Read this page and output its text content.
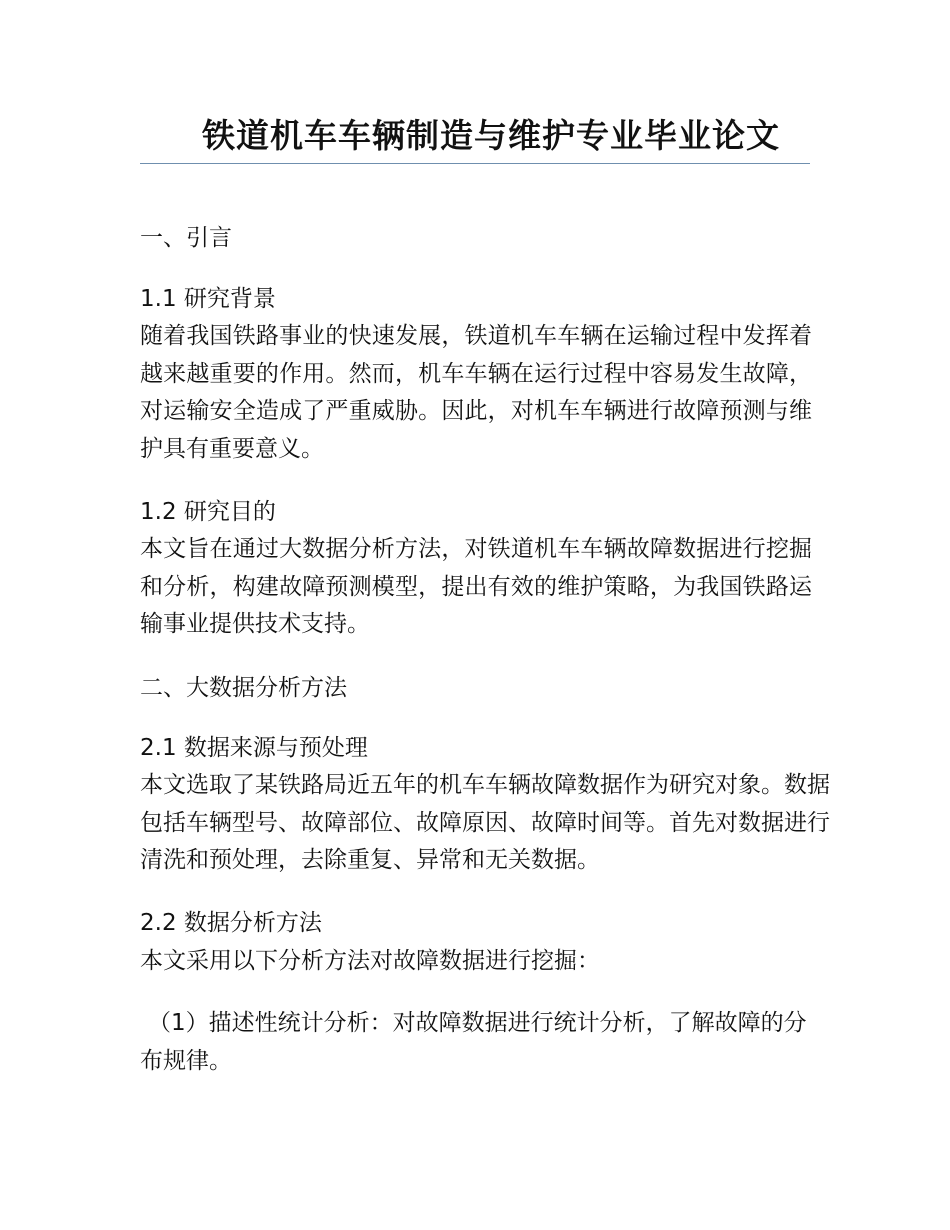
铁道机车车辆制造与维护专业毕业论文

一、引言

1.1 研究背景

随着我国铁路事业的快速发展，铁道机车车辆在运输过程中发挥着越来越重要的作用。然而，机车车辆在运行过程中容易发生故障，对运输安全造成了严重威胁。因此，对机车车辆进行故障预测与维护具有重要意义。

1.2 研究目的

本文旨在通过大数据分析方法，对铁道机车车辆故障数据进行挖掘和分析，构建故障预测模型，提出有效的维护策略，为我国铁路运输事业提供技术支持。

二、大数据分析方法

2.1 数据来源与预处理

本文选取了某铁路局近五年的机车车辆故障数据作为研究对象。数据包括车辆型号、故障部位、故障原因、故障时间等。首先对数据进行清洗和预处理，去除重复、异常和无关数据。

2.2 数据分析方法

本文采用以下分析方法对故障数据进行挖掘：

（1）描述性统计分析：对故障数据进行统计分析，了解故障的分布规律。
